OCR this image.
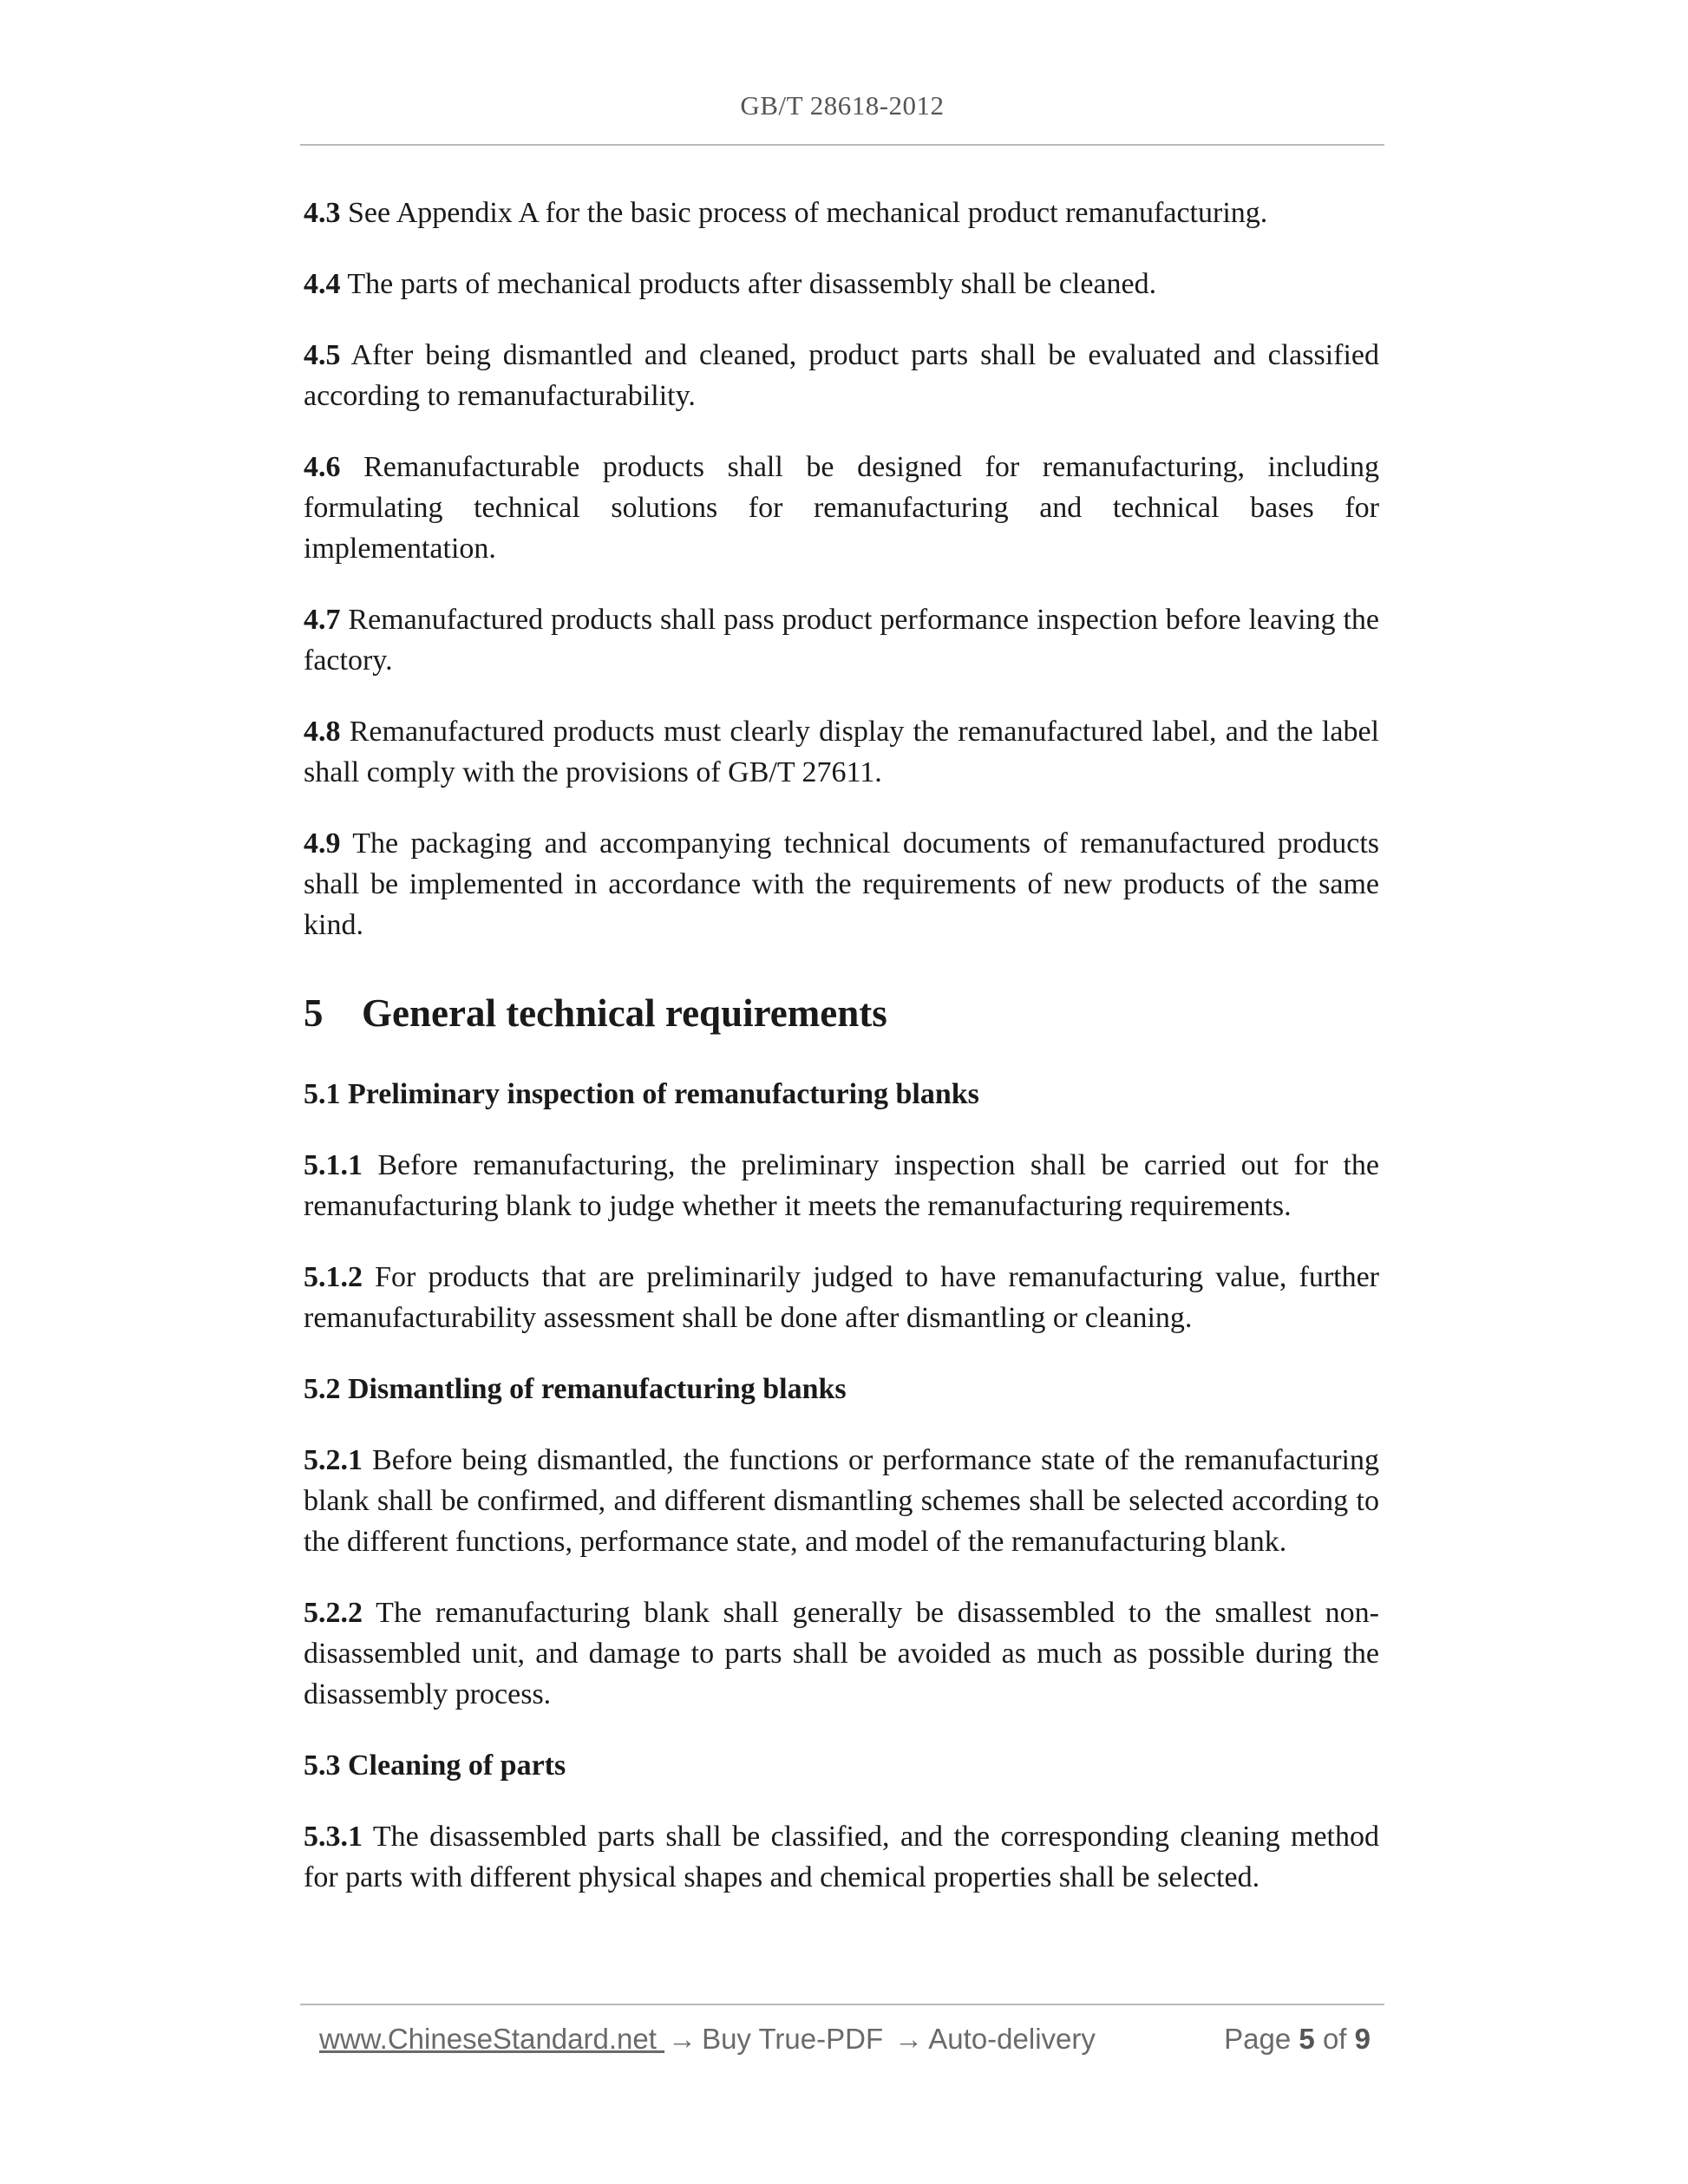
GB/T 28618-2012

4.3 See Appendix A for the basic process of mechanical product remanufacturing.

4.4 The parts of mechanical products after disassembly shall be cleaned.

4.5 After being dismantled and cleaned, product parts shall be evaluated and classified according to remanufacturability.

4.6 Remanufacturable products shall be designed for remanufacturing, including formulating technical solutions for remanufacturing and technical bases for implementation.

4.7 Remanufactured products shall pass product performance inspection before leaving the factory.

4.8 Remanufactured products must clearly display the remanufactured label, and the label shall comply with the provisions of GB/T 27611.

4.9 The packaging and accompanying technical documents of remanufactured products shall be implemented in accordance with the requirements of new products of the same kind.

5 General technical requirements
5.1 Preliminary inspection of remanufacturing blanks

5.1.1 Before remanufacturing, the preliminary inspection shall be carried out for the remanufacturing blank to judge whether it meets the remanufacturing requirements.

5.1.2 For products that are preliminarily judged to have remanufacturing value, further remanufacturability assessment shall be done after dismantling or cleaning.

5.2 Dismantling of remanufacturing blanks

5.2.1 Before being dismantled, the functions or performance state of the remanufacturing blank shall be confirmed, and different dismantling schemes shall be selected according to the different functions, performance state, and model of the remanufacturing blank.

5.2.2 The remanufacturing blank shall generally be disassembled to the smallest non-disassembled unit, and damage to parts shall be avoided as much as possible during the disassembly process.

5.3 Cleaning of parts

5.3.1 The disassembled parts shall be classified, and the corresponding cleaning method for parts with different physical shapes and chemical properties shall be selected.

www.ChineseStandard.net → Buy True-PDF → Auto-delivery	Page 5 of 9
